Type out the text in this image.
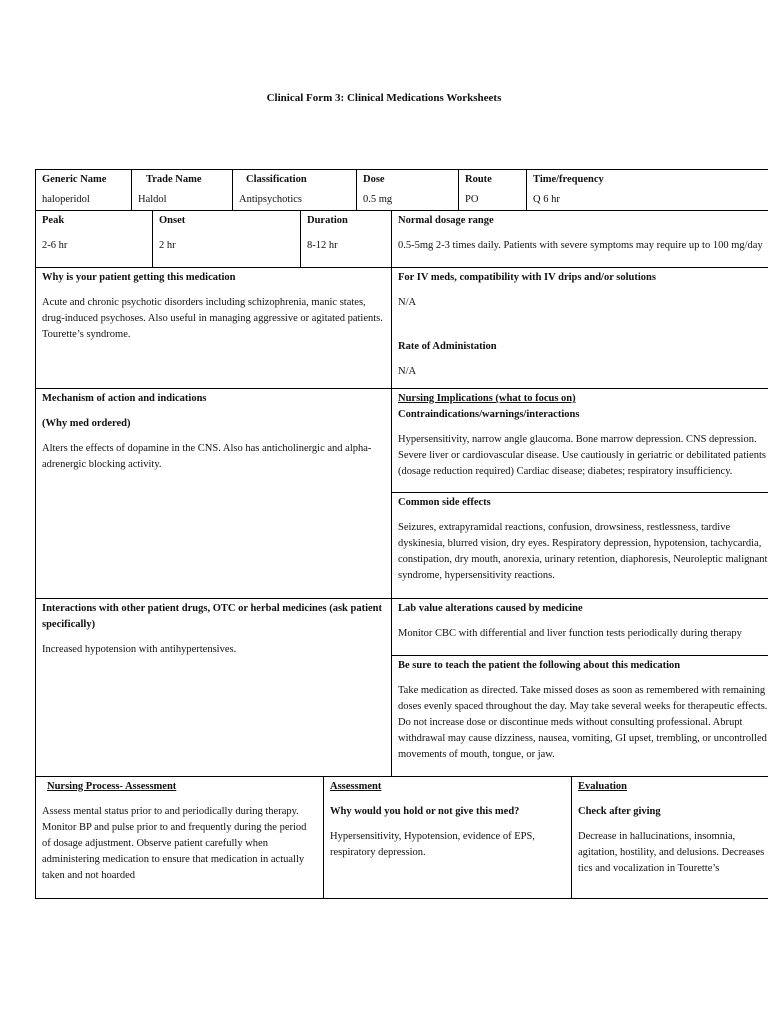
Clinical Form 3: Clinical Medications Worksheets
Generic Name
haloperidol
Trade Name
Haldol
Classification
Antipsychotics
Dose
0.5 mg
Route
PO
Time/frequency
Q 6 hr
Peak
2-6 hr
Onset
2 hr
Duration
8-12 hr
Normal dosage range
0.5-5mg 2-3 times daily. Patients with severe symptoms may require up to 100 mg/day
Why is your patient getting this medication
Acute and chronic psychotic disorders including schizophrenia, manic states, drug-induced psychoses. Also useful in managing aggressive or agitated patients. Tourette’s syndrome.
For IV meds, compatibility with IV drips and/or solutions
N/A
Rate of Administation
N/A
Mechanism of action and indications
(Why med ordered)
Alters the effects of dopamine in the CNS. Also has anticholinergic and alpha-adrenergic blocking activity.
Nursing Implications (what to focus on)
Contraindications/warnings/interactions
Hypersensitivity, narrow angle glaucoma. Bone marrow depression. CNS depression. Severe liver or cardiovascular disease. Use cautiously in geriatric or debilitated patients (dosage reduction required) Cardiac disease; diabetes; respiratory insufficiency.
Common side effects
Seizures, extrapyramidal reactions, confusion, drowsiness, restlessness, tardive dyskinesia, blurred vision, dry eyes. Respiratory depression, hypotension, tachycardia, constipation, dry mouth, anorexia, urinary retention, diaphoresis, Neuroleptic malignant syndrome, hypersensitivity reactions.
Interactions with other patient drugs, OTC or herbal medicines (ask patient specifically)
Increased hypotension with antihypertensives.
Lab value alterations caused by medicine
Monitor CBC with differential and liver function tests periodically during therapy
Be sure to teach the patient the following about this medication
Take medication as directed. Take missed doses as soon as remembered with remaining doses evenly spaced throughout the day. May take several weeks for therapeutic effects. Do not increase dose or discontinue meds without consulting professional. Abrupt withdrawal may cause dizziness, nausea, vomiting, GI upset, trembling, or uncontrolled movements of mouth, tongue, or jaw.
Nursing Process- Assessment
Assess mental status prior to and periodically during therapy. Monitor BP and pulse prior to and frequently during the period of dosage adjustment. Observe patient carefully when administering medication to ensure that medication in actually taken and not hoarded
Assessment
Why would you hold or not give this med?
Hypersensitivity, Hypotension, evidence of EPS, respiratory depression.
Evaluation
Check after giving
Decrease in hallucinations, insomnia, agitation, hostility, and delusions. Decreases tics and vocalization in Tourette’s
